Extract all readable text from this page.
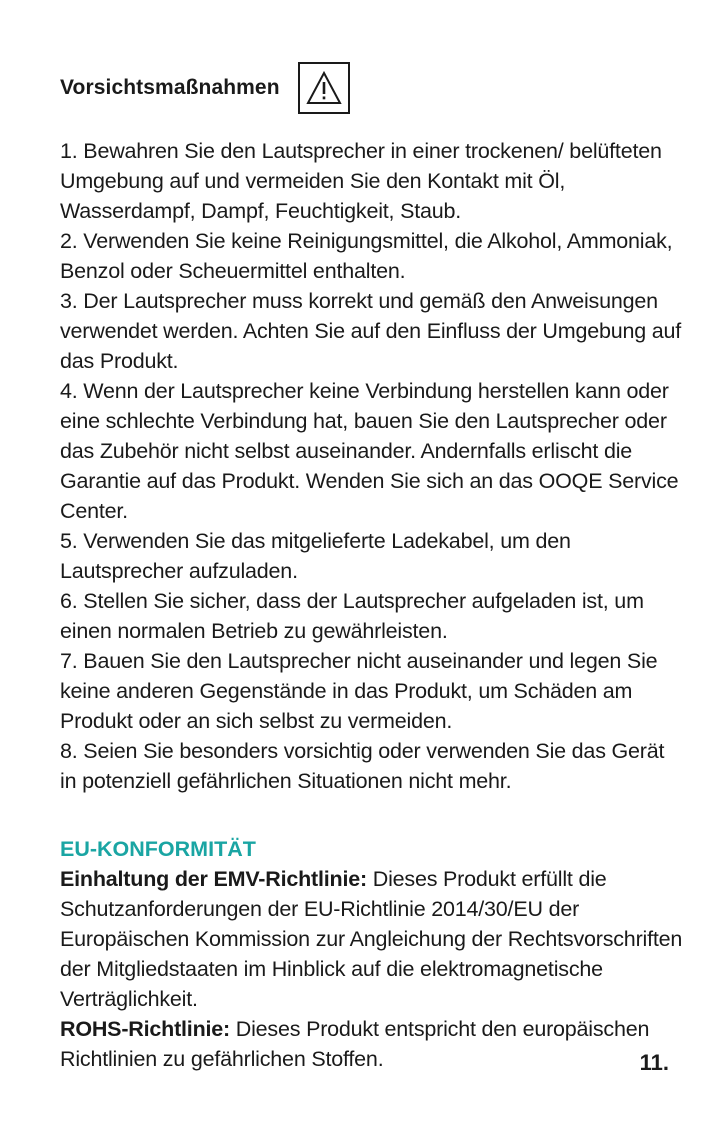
Vorsichtsmaßnahmen

1. Bewahren Sie den Lautsprecher in einer trockenen/ belüfteten Umgebung auf und vermeiden Sie den Kontakt mit Öl, Wasserdampf, Dampf, Feuchtigkeit, Staub.

2. Verwenden Sie keine Reinigungsmittel, die Alkohol, Ammoniak, Benzol oder Scheuermittel enthalten.

3. Der Lautsprecher muss korrekt und gemäß den Anweisungen verwendet werden. Achten Sie auf den Einfluss der Umgebung auf das Produkt.

4. Wenn der Lautsprecher keine Verbindung herstellen kann oder eine schlechte Verbindung hat, bauen Sie den Lautsprecher oder das Zubehör nicht selbst auseinander. Andernfalls erlischt die Garantie auf das Produkt. Wenden Sie sich an das OOQE Service Center.

5. Verwenden Sie das mitgelieferte Ladekabel, um den Lautsprecher aufzuladen.

6. Stellen Sie sicher, dass der Lautsprecher aufgeladen ist, um einen normalen Betrieb zu gewährleisten.

7. Bauen Sie den Lautsprecher nicht auseinander und legen Sie keine anderen Gegenstände in das Produkt, um Schäden am Produkt oder an sich selbst zu vermeiden.

8. Seien Sie besonders vorsichtig oder verwenden Sie das Gerät in potenziell gefährlichen Situationen nicht mehr.

EU-KONFORMITÄT

Einhaltung der EMV-Richtlinie: Dieses Produkt erfüllt die Schutzanforderungen der EU-Richtlinie 2014/30/EU der Europäischen Kommission zur Angleichung der Rechtsvorschriften der Mitgliedstaaten im Hinblick auf die elektromagnetische Verträglichkeit.

ROHS-Richtlinie: Dieses Produkt entspricht den europäischen Richtlinien zu gefährlichen Stoffen.	11.
